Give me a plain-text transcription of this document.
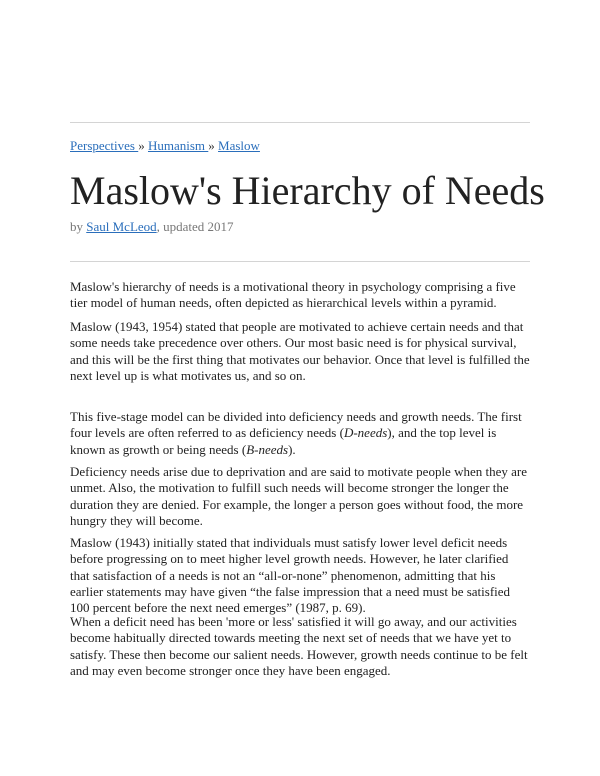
Perspectives » Humanism » Maslow
Maslow's Hierarchy of Needs
by Saul McLeod, updated 2017

Maslow's hierarchy of needs is a motivational theory in psychology comprising a five tier model of human needs, often depicted as hierarchical levels within a pyramid.

Maslow (1943, 1954) stated that people are motivated to achieve certain needs and that some needs take precedence over others. Our most basic need is for physical survival, and this will be the first thing that motivates our behavior. Once that level is fulfilled the next level up is what motivates us, and so on.

This five-stage model can be divided into deficiency needs and growth needs. The first four levels are often referred to as deficiency needs (D-needs), and the top level is known as growth or being needs (B-needs).

Deficiency needs arise due to deprivation and are said to motivate people when they are unmet. Also, the motivation to fulfill such needs will become stronger the longer the duration they are denied. For example, the longer a person goes without food, the more hungry they will become.

Maslow (1943) initially stated that individuals must satisfy lower level deficit needs before progressing on to meet higher level growth needs. However, he later clarified that satisfaction of a needs is not an “all-or-none” phenomenon, admitting that his earlier statements may have given “the false impression that a need must be satisfied 100 percent before the next need emerges” (1987, p. 69).

When a deficit need has been 'more or less' satisfied it will go away, and our activities become habitually directed towards meeting the next set of needs that we have yet to satisfy. These then become our salient needs. However, growth needs continue to be felt and may even become stronger once they have been engaged.
